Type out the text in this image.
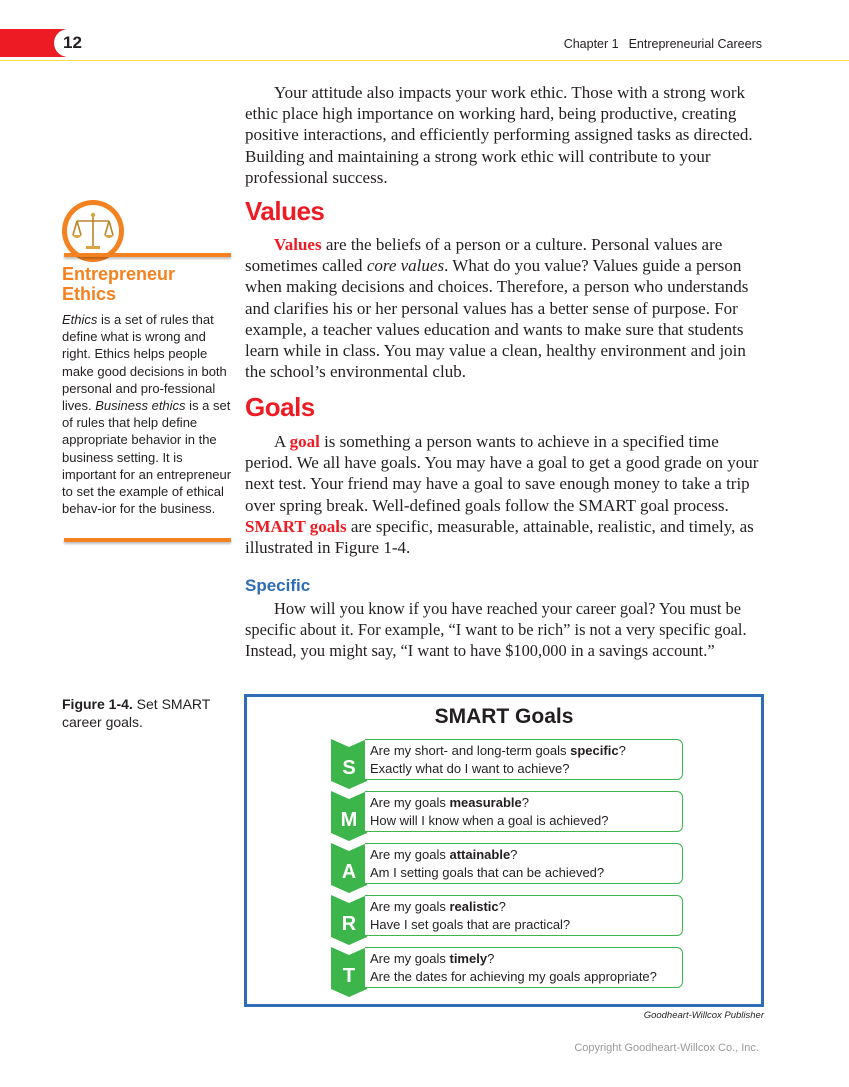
12	Chapter 1 Entrepreneurial Careers

Your attitude also impacts your work ethic. Those with a strong work ethic place high importance on working hard, being productive, creating positive interactions, and efficiently performing assigned tasks as directed. Building and maintaining a strong work ethic will contribute to your professional success.

Values

Values are the beliefs of a person or a culture. Personal values are sometimes called core values. What do you value? Values guide a person when making decisions and choices. Therefore, a person who understands and clarifies his or her personal values has a better sense of purpose. For example, a teacher values education and wants to make sure that students learn while in class. You may value a clean, healthy environment and join the school’s environmental club.

Goals

A goal is something a person wants to achieve in a specified time period. We all have goals. You may have a goal to get a good grade on your next test. Your friend may have a goal to save enough money to take a trip over spring break. Well-defined goals follow the SMART goal process. SMART goals are specific, measurable, attainable, realistic, and timely, as illustrated in Figure 1-4.

Specific

How will you know if you have reached your career goal? You must be specific about it. For example, “I want to be rich” is not a very specific goal. Instead, you might say, “I want to have $100,000 in a savings account.”

Entrepreneur
Ethics
Ethics is a set of rules that define what is wrong and right. Ethics helps people make good decisions in both personal and pro-fessional lives. Business ethics is a set of rules that help define appropriate behavior in the business setting. It is important for an entrepreneur to set the example of ethical behav-ior for the business.
Figure 1-4. Set SMART career goals.	SMART Goals
S
Are my short- and long-term goals specific?
Exactly what do I want to achieve?
M
Are my goals measurable?
How will I know when a goal is achieved?
A
Are my goals attainable?
Am I setting goals that can be achieved?
R
Are my goals realistic?
Have I set goals that are practical?
T
Are my goals timely?
Are the dates for achieving my goals appropriate?
Goodheart-Willcox Publisher
Copyright Goodheart-Willcox Co., Inc.
